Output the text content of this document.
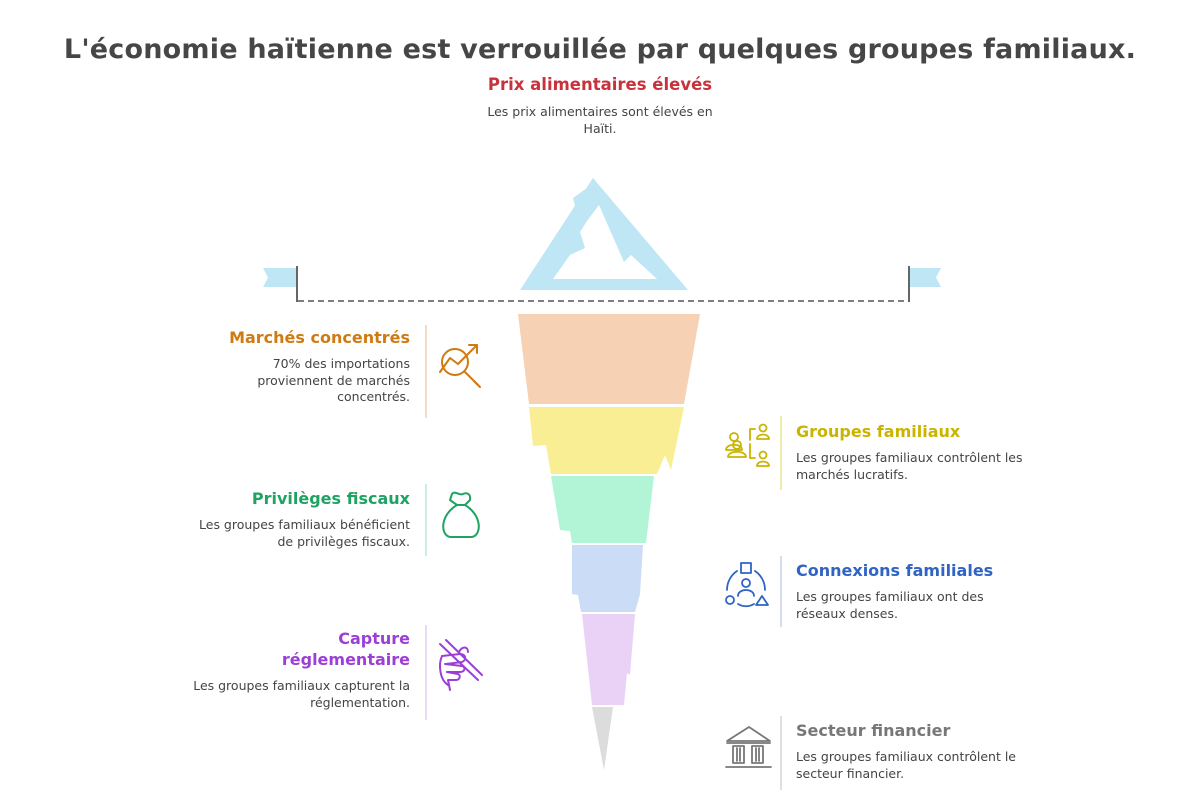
L'économie haïtienne est verrouillée par quelques groupes familiaux.
Prix alimentaires élevés
Les prix alimentaires sont élevés en Haïti.
Marchés concentrés
70% des importations proviennent de marchés concentrés.
Privilèges fiscaux
Les groupes familiaux bénéficient de privilèges fiscaux.
Capture réglementaire
Les groupes familiaux capturent la réglementation.
Groupes familiaux
Les groupes familiaux contrôlent les marchés lucratifs.
Connexions familiales
Les groupes familiaux ont des réseaux denses.
Secteur financier
Les groupes familiaux contrôlent le secteur financier.
